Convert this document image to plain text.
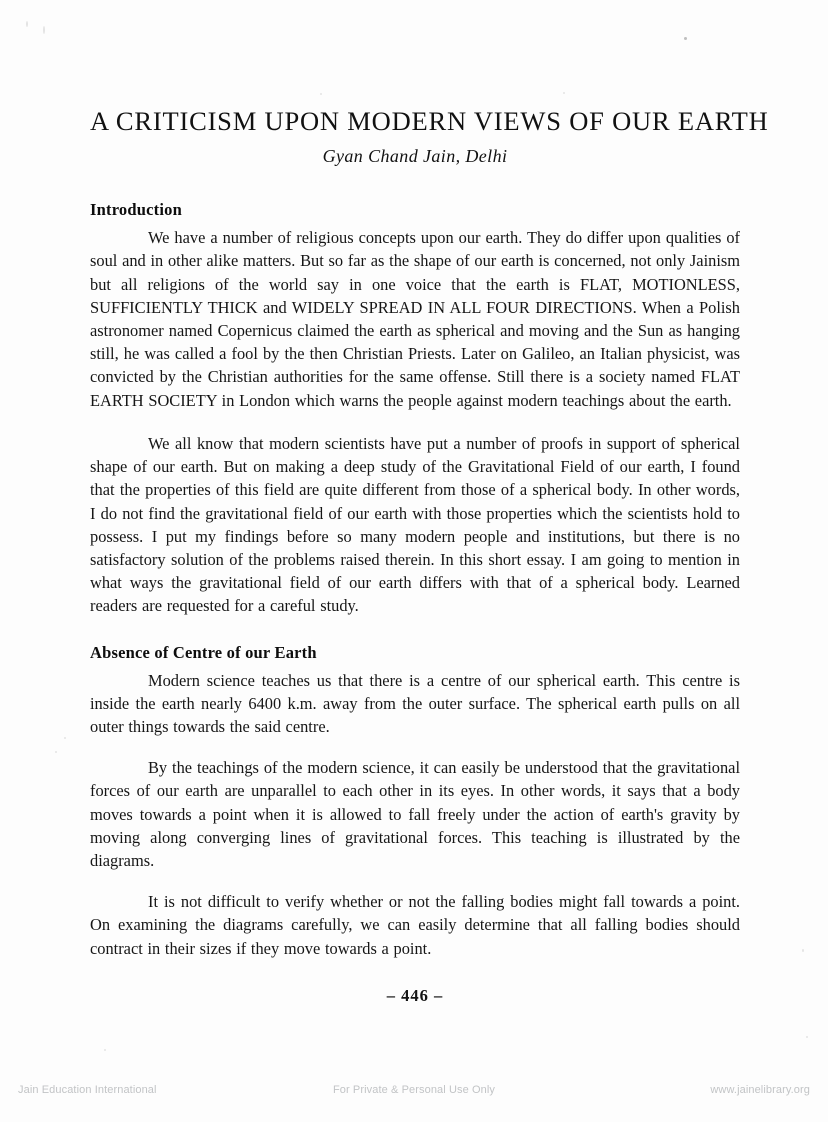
A CRITICISM UPON MODERN VIEWS OF OUR EARTH
Gyan Chand Jain, Delhi
Introduction

We have a number of religious concepts upon our earth. They do differ upon qualities of soul and in other alike matters. But so far as the shape of our earth is concerned, not only Jainism but all religions of the world say in one voice that the earth is FLAT, MOTIONLESS, SUFFICIENTLY THICK and WIDELY SPREAD IN ALL FOUR DIRECTIONS. When a Polish astronomer named Copernicus claimed the earth as spherical and moving and the Sun as hanging still, he was called a fool by the then Christian Priests. Later on Galileo, an Italian physicist, was convicted by the Christian authorities for the same offense. Still there is a society named FLAT EARTH SOCIETY in London which warns the people against modern teachings about the earth.

We all know that modern scientists have put a number of proofs in support of spherical shape of our earth. But on making a deep study of the Gravitational Field of our earth, I found that the properties of this field are quite different from those of a spherical body. In other words, I do not find the gravitational field of our earth with those properties which the scientists hold to possess. I put my findings before so many modern people and institutions, but there is no satisfactory solution of the problems raised therein. In this short essay. I am going to mention in what ways the gravitational field of our earth differs with that of a spherical body. Learned readers are requested for a careful study.

Absence of Centre of our Earth

Modern science teaches us that there is a centre of our spherical earth. This centre is inside the earth nearly 6400 k.m. away from the outer surface. The spherical earth pulls on all outer things towards the said centre.

By the teachings of the modern science, it can easily be understood that the gravitational forces of our earth are unparallel to each other in its eyes. In other words, it says that a body moves towards a point when it is allowed to fall freely under the action of earth's gravity by moving along converging lines of gravitational forces. This teaching is illustrated by the diagrams.

It is not difficult to verify whether or not the falling bodies might fall towards a point. On examining the diagrams carefully, we can easily determine that all falling bodies should contract in their sizes if they move towards a point.

– 446 –
Jain Education International	For Private & Personal Use Only	www.jainelibrary.org
